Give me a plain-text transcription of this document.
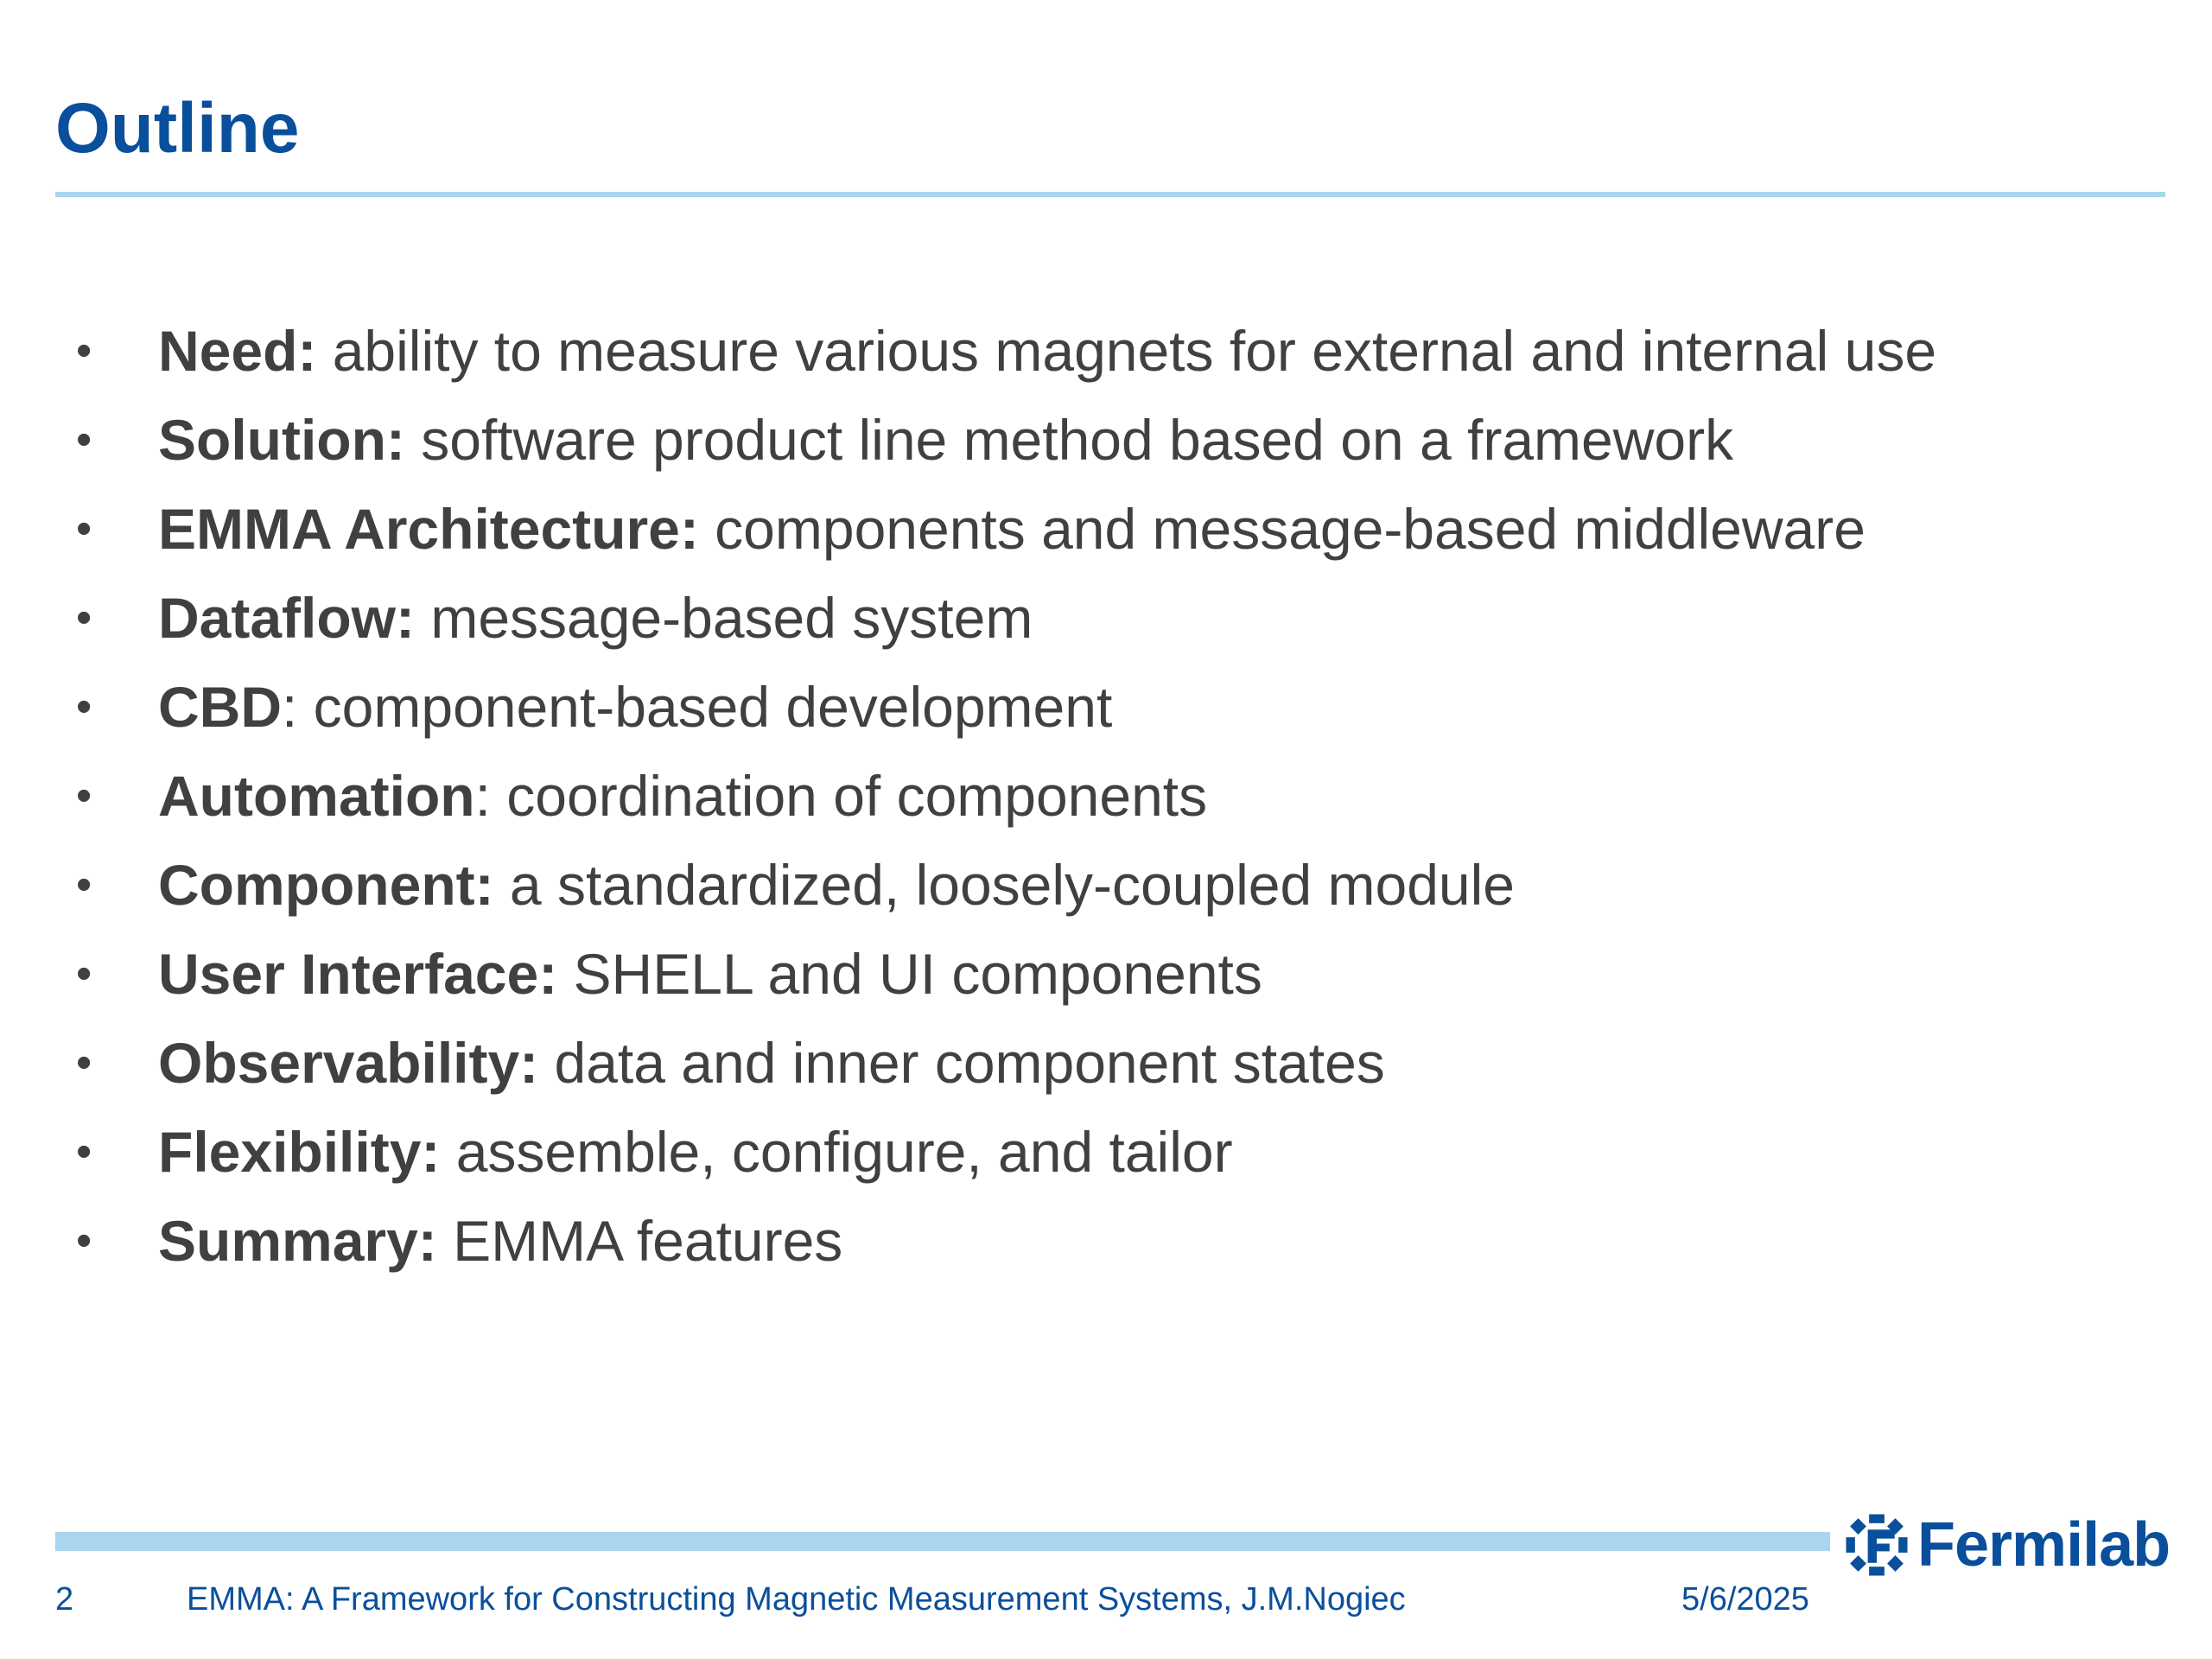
Outline
• Need: ability to measure various magnets for external and internal use
• Solution: software product line method based on a framework
• EMMA Architecture: components and message-based middleware
• Dataflow: message-based system
• CBD: component-based development
• Automation: coordination of components
• Component: a standardized, loosely-coupled module
• User Interface: SHELL and UI components
• Observability: data and inner component states
• Flexibility: assemble, configure, and tailor
• Summary: EMMA features
Fermilab
2	EMMA: A Framework for Constructing Magnetic Measurement Systems, J.M.Nogiec	5/6/2025
